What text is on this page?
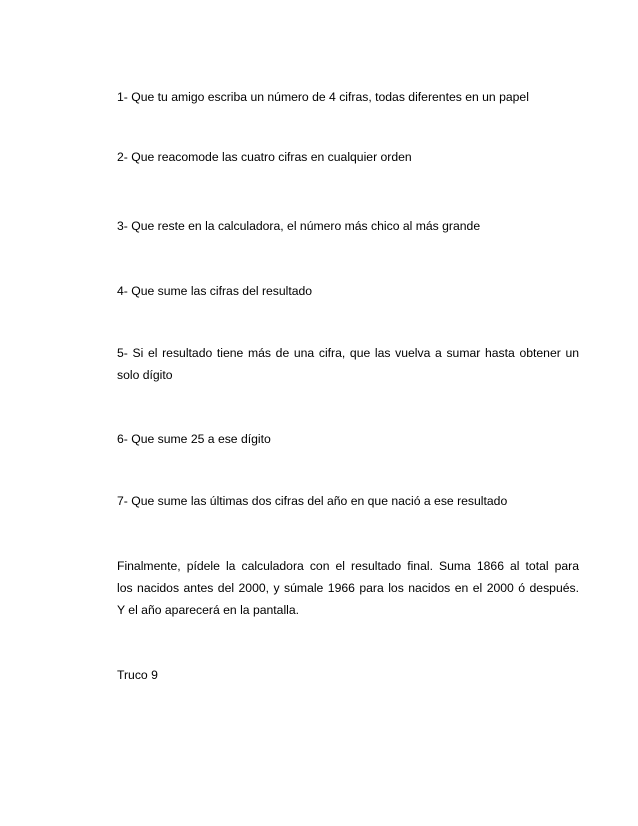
1- Que tu amigo escriba un número de 4 cifras, todas diferentes en un papel

2- Que reacomode las cuatro cifras en cualquier orden

3- Que reste en la calculadora, el número más chico al más grande

4- Que sume las cifras del resultado

5- Si el resultado tiene más de una cifra, que las vuelva a sumar hasta obtener un
solo dígito

6- Que sume 25 a ese dígito

7- Que sume las últimas dos cifras del año en que nació a ese resultado

Finalmente, pídele la calculadora con el resultado final. Suma 1866 al total para
los nacidos antes del 2000, y súmale 1966 para los nacidos en el 2000 ó después.
Y el año aparecerá en la pantalla.

Truco 9
